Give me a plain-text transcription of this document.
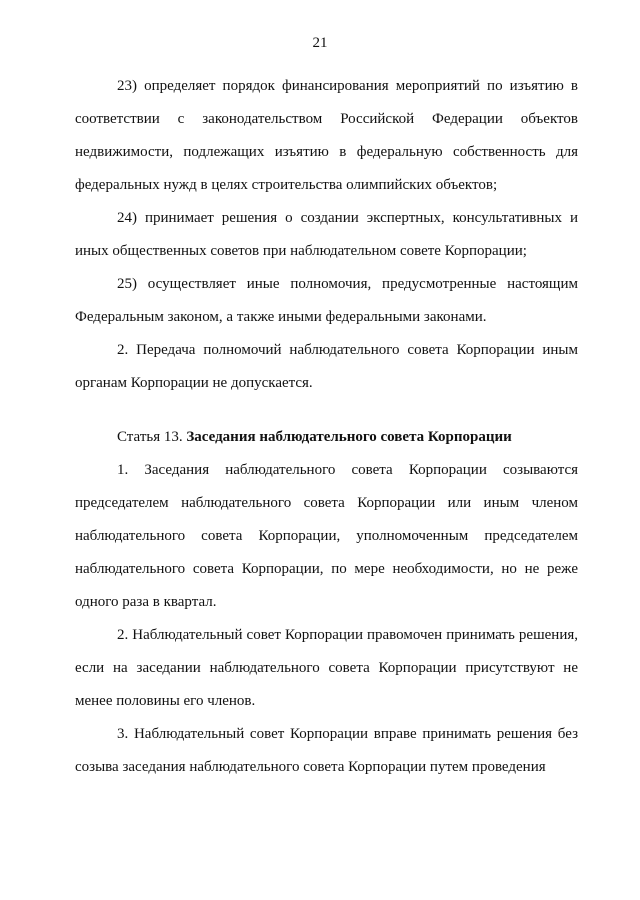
21

23) определяет порядок финансирования мероприятий по изъятию в соответствии с законодательством Российской Федерации объектов недвижимости, подлежащих изъятию в федеральную собственность для федеральных нужд в целях строительства олимпийских объектов;

24) принимает решения о создании экспертных, консультативных и иных общественных советов при наблюдательном совете Корпорации;

25) осуществляет иные полномочия, предусмотренные настоящим Федеральным законом, а также иными федеральными законами.

2. Передача полномочий наблюдательного совета Корпорации иным органам Корпорации не допускается.

Статья 13. Заседания наблюдательного совета Корпорации

1. Заседания наблюдательного совета Корпорации созываются председателем наблюдательного совета Корпорации или иным членом наблюдательного совета Корпорации, уполномоченным председателем наблюдательного совета Корпорации, по мере необходимости, но не реже одного раза в квартал.

2. Наблюдательный совет Корпорации правомочен принимать решения, если на заседании наблюдательного совета Корпорации присутствуют не менее половины его членов.

3. Наблюдательный совет Корпорации вправе принимать решения без созыва заседания наблюдательного совета Корпорации путем проведения
